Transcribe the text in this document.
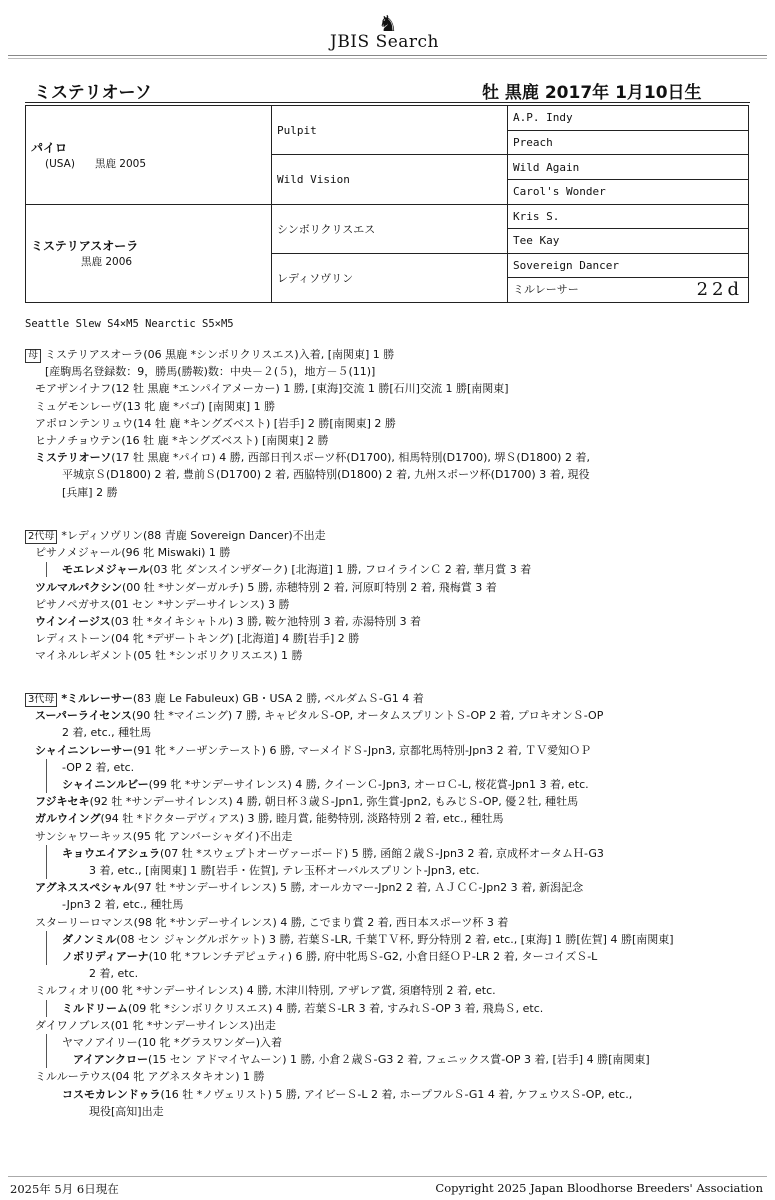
♞
JBIS Search
ミステリオーソ	牡 黒鹿 2017年 1月10日生
パイロ
(USA) 黒鹿 2005	Pulpit	A.P. Indy
		Preach
	Wild Vision	Wild Again
		Carol's Wonder

ミステリアスオーラ
黒鹿 2006	シンボリクリスエス	Kris S.
		Tee Kay
	レディソヴリン	Sovereign Dancer
		ミルレーサー 22d
Seattle Slew S4×M5 Nearctic S5×M5
母 ミステリアスオーラ(06 黒鹿 *シンボリクリスエス)入着, [南関東] 1 勝
[産駒馬名登録数：9，勝馬(勝鞍)数：中央－２(５)，地方－５(11)]
モアザンイナフ(12 牡 黒鹿 *エンパイアメーカー) 1 勝, [東海]交流 1 勝[石川]交流 1 勝[南関東]
ミュゲモンレーヴ(13 牝 鹿 *バゴ) [南関東] 1 勝
アポロンテンリュウ(14 牡 鹿 *キングズベスト) [岩手] 2 勝[南関東] 2 勝
ヒナノチョウテン(16 牡 鹿 *キングズベスト) [南関東] 2 勝
ミステリオーソ(17 牡 黒鹿 *パイロ) 4 勝, 西部日刊スポーツ杯(D1700), 相馬特別(D1700), 堺Ｓ(D1800) 2 着,
平城京Ｓ(D1800) 2 着, 豊前Ｓ(D1700) 2 着, 西脇特別(D1800) 2 着, 九州スポーツ杯(D1700) 3 着, 現役
[兵庫] 2 勝
2代母 *レディソヴリン(88 青鹿 Sovereign Dancer)不出走
ピサノメジャール(96 牝 Miswaki) 1 勝
モエレメジャール(03 牝 ダンスインザダーク) [北海道] 1 勝, フロイラインＣ 2 着, 華月賞 3 着
ツルマルパクシン(00 牡 *サンダーガルチ) 5 勝, 赤穂特別 2 着, 河原町特別 2 着, 飛梅賞 3 着
ピサノペガサス(01 セン *サンデーサイレンス) 3 勝
ウインイージス(03 牡 *タイキシャトル) 3 勝, 鞍ケ池特別 3 着, 赤湯特別 3 着
レディストーン(04 牝 *デザートキング) [北海道] 4 勝[岩手] 2 勝
マイネルレギメント(05 牡 *シンボリクリスエス) 1 勝
3代母 *ミルレーサー(83 鹿 Le Fabuleux) GB・USA 2 勝, ベルダムＳ-G1 4 着
スーパーライセンス(90 牡 *マイニング) 7 勝, キャピタルＳ-OP, オータムスプリントＳ-OP 2 着, プロキオンＳ-OP
2 着, etc., 種牡馬
シャイニンレーサー(91 牝 *ノーザンテースト) 6 勝, マーメイドＳ-Jpn3, 京都牝馬特別-Jpn3 2 着, ＴＶ愛知ＯＰ
-OP 2 着, etc.
シャイニンルビー(99 牝 *サンデーサイレンス) 4 勝, クイーンＣ-Jpn3, オーロＣ-L, 桜花賞-Jpn1 3 着, etc.
フジキセキ(92 牡 *サンデーサイレンス) 4 勝, 朝日杯３歳Ｓ-Jpn1, 弥生賞-Jpn2, もみじＳ-OP, 優２牡, 種牡馬
ガルウイング(94 牡 *ドクターデヴィアス) 3 勝, 睦月賞, 能勢特別, 淡路特別 2 着, etc., 種牡馬
サンシャワーキッス(95 牝 アンバーシャダイ)不出走
キョウエイアシュラ(07 牡 *スウェプトオーヴァーボード) 5 勝, 函館２歳Ｓ-Jpn3 2 着, 京成杯オータムＨ-G3
3 着, etc., [南関東] 1 勝[岩手・佐賀], テレ玉杯オーバルスプリント-Jpn3, etc.
アグネススペシャル(97 牡 *サンデーサイレンス) 5 勝, オールカマー-Jpn2 2 着, ＡＪＣＣ-Jpn2 3 着, 新潟記念
-Jpn3 2 着, etc., 種牡馬
スターリーロマンス(98 牝 *サンデーサイレンス) 4 勝, こでまり賞 2 着, 西日本スポーツ杯 3 着
ダノンミル(08 セン ジャングルポケット) 3 勝, 若葉Ｓ-LR, 千葉ＴＶ杯, 野分特別 2 着, etc., [東海] 1 勝[佐賀] 4 勝[南関東]
ノボリディアーナ(10 牝 *フレンチデピュティ) 6 勝, 府中牝馬Ｓ-G2, 小倉日経ＯＰ-LR 2 着, ターコイズＳ-L
2 着, etc.
ミルフィオリ(00 牝 *サンデーサイレンス) 4 勝, 木津川特別, アザレア賞, 須磨特別 2 着, etc.
ミルドリーム(09 牝 *シンボリクリスエス) 4 勝, 若葉Ｓ-LR 3 着, すみれＳ-OP 3 着, 飛鳥Ｓ, etc.
ダイワノブレス(01 牝 *サンデーサイレンス)出走
ヤマノアイリー(10 牝 *グラスワンダー)入着
アイアンクロー(15 セン アドマイヤムーン) 1 勝, 小倉２歳Ｓ-G3 2 着, フェニックス賞-OP 3 着, [岩手] 4 勝[南関東]
ミルルーテウス(04 牝 アグネスタキオン) 1 勝
コスモカレンドゥラ(16 牡 *ノヴェリスト) 5 勝, アイビーＳ-L 2 着, ホープフルＳ-G1 4 着, ケフェウスＳ-OP, etc.,
現役[高知]出走
2025年 5月 6日現在	Copyright 2025 Japan Bloodhorse Breeders' Association
